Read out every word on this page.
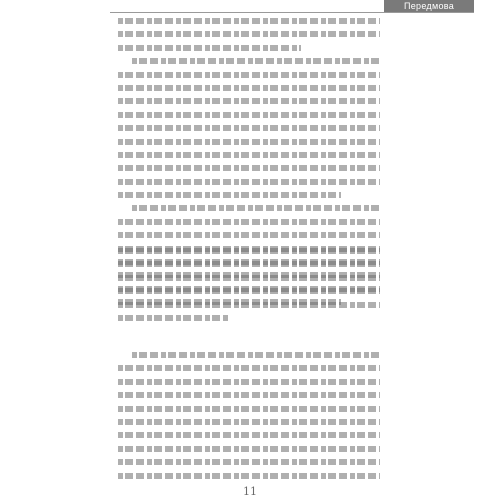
Передмова
11
